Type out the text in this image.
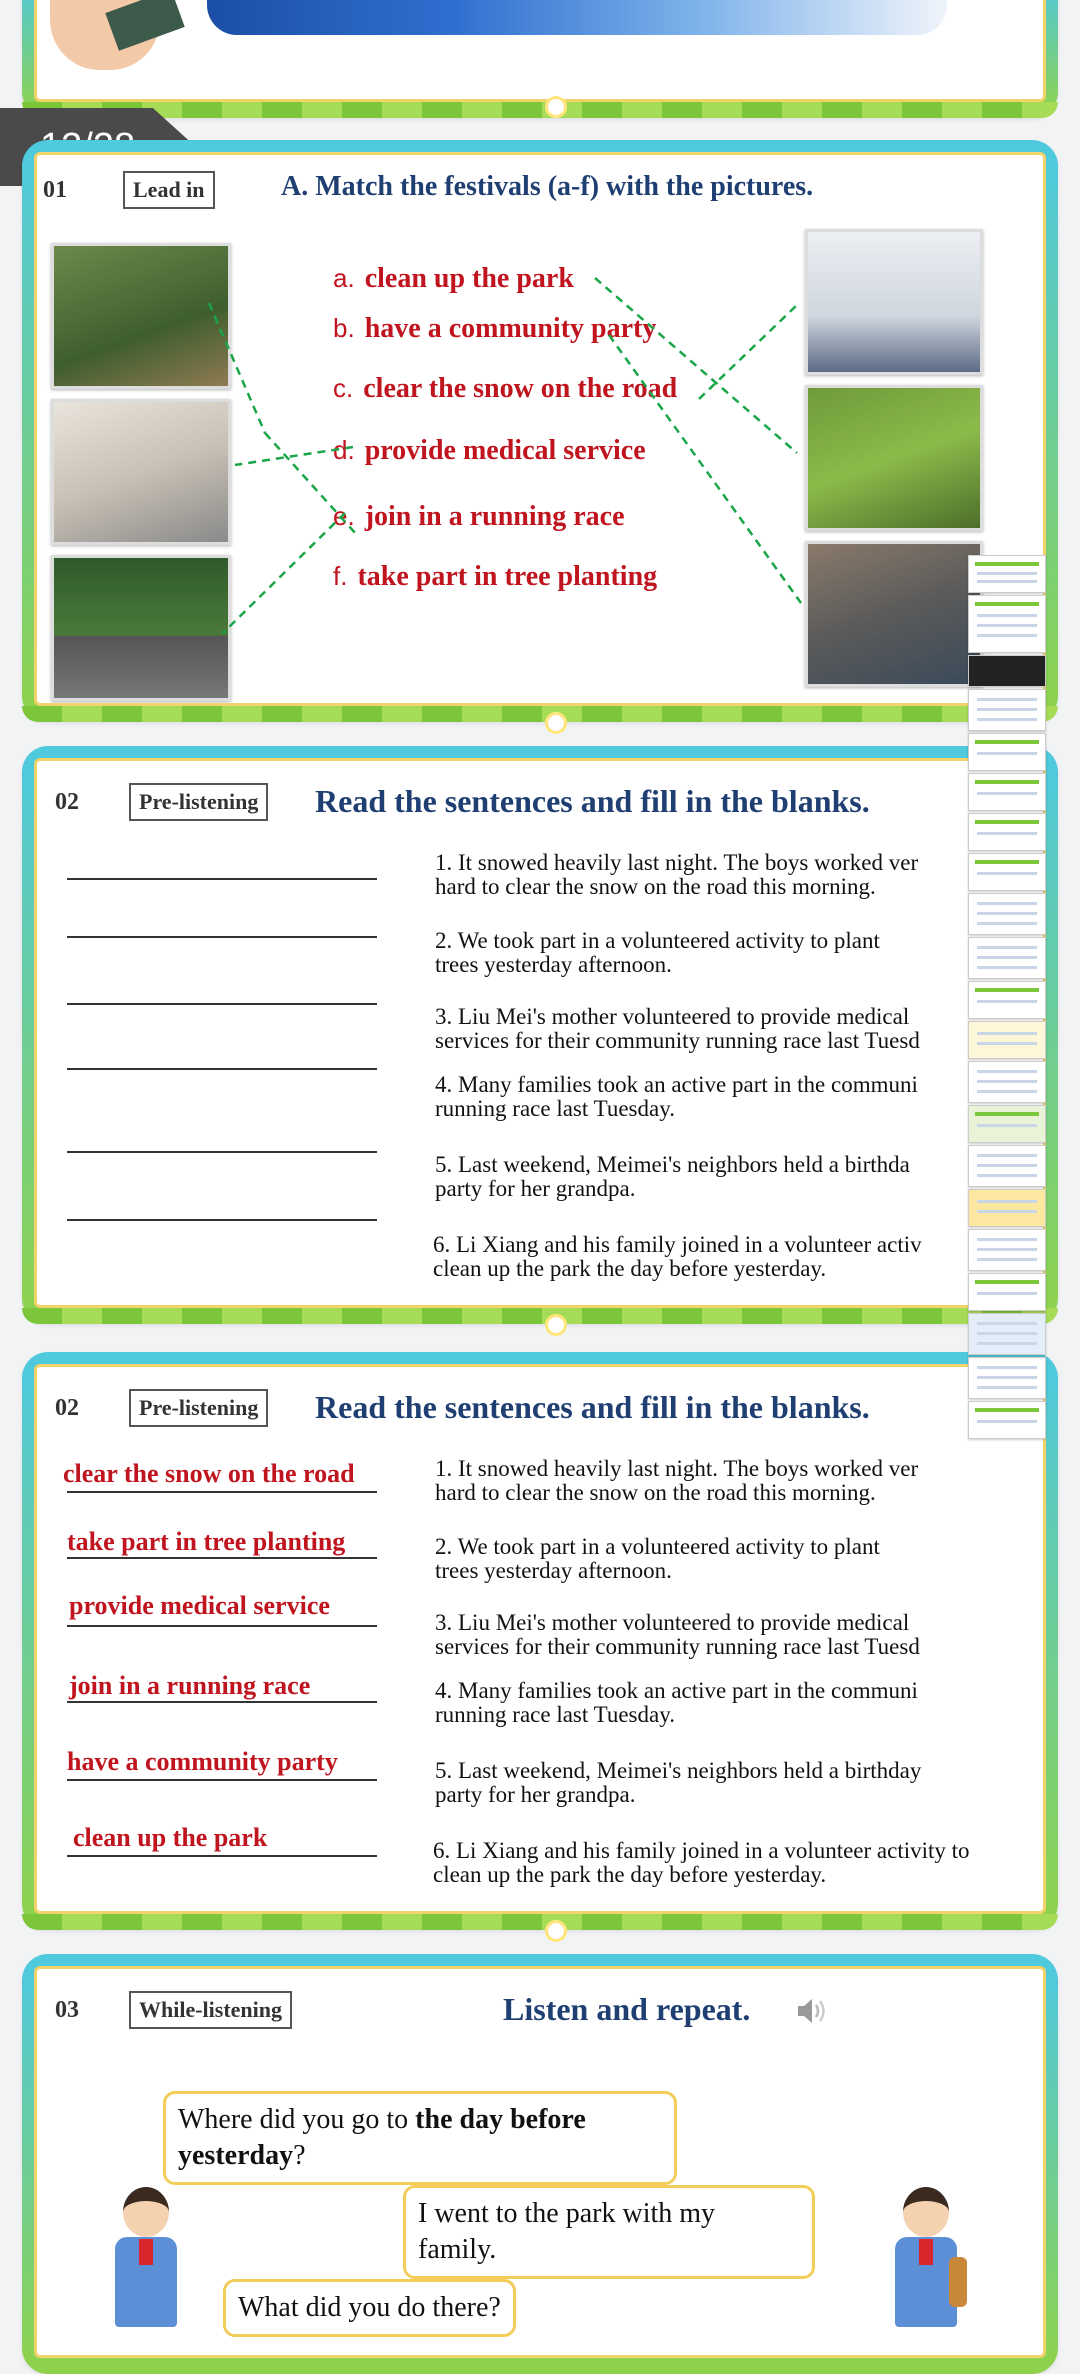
01	Lead in	A. Match the festivals (a-f) with the pictures.
a. clean up the park
b. have a community party
c. clear the snow on the road
d. provide medical service
e. join in a running race
f. take part in tree planting
02	Pre-listening	Read the sentences and fill in the blanks.
1. It snowed heavily last night. The boys worked ver
hard to clear the snow on the road this morning.
2. We took part in a volunteered activity to plant
trees yesterday afternoon.
3. Liu Mei's mother volunteered to provide medical
services for their community running race last Tuesd
4. Many families took an active part in the communi
running race last Tuesday.
5. Last weekend, Meimei's neighbors held a birthda
party for her grandpa.
6. Li Xiang and his family joined in a volunteer activ
clean up the park the day before yesterday.
02	Pre-listening	Read the sentences and fill in the blanks.
clear the snow on the road	1. It snowed heavily last night. The boys worked ver
hard to clear the snow on the road this morning.
take part in tree planting	2. We took part in a volunteered activity to plant
trees yesterday afternoon.
provide medical service
3. Liu Mei's mother volunteered to provide medical
services for their community running race last Tuesd
join in a running race	4. Many families took an active part in the communi
running race last Tuesday.
have a community party	5. Last weekend, Meimei's neighbors held a birthday
party for her grandpa.
clean up the park	6. Li Xiang and his family joined in a volunteer activity to
clean up the park the day before yesterday.
03	While-listening	Listen and repeat.
Where did you go to the day before yesterday?
I went to the park with my family.
What did you do there?
